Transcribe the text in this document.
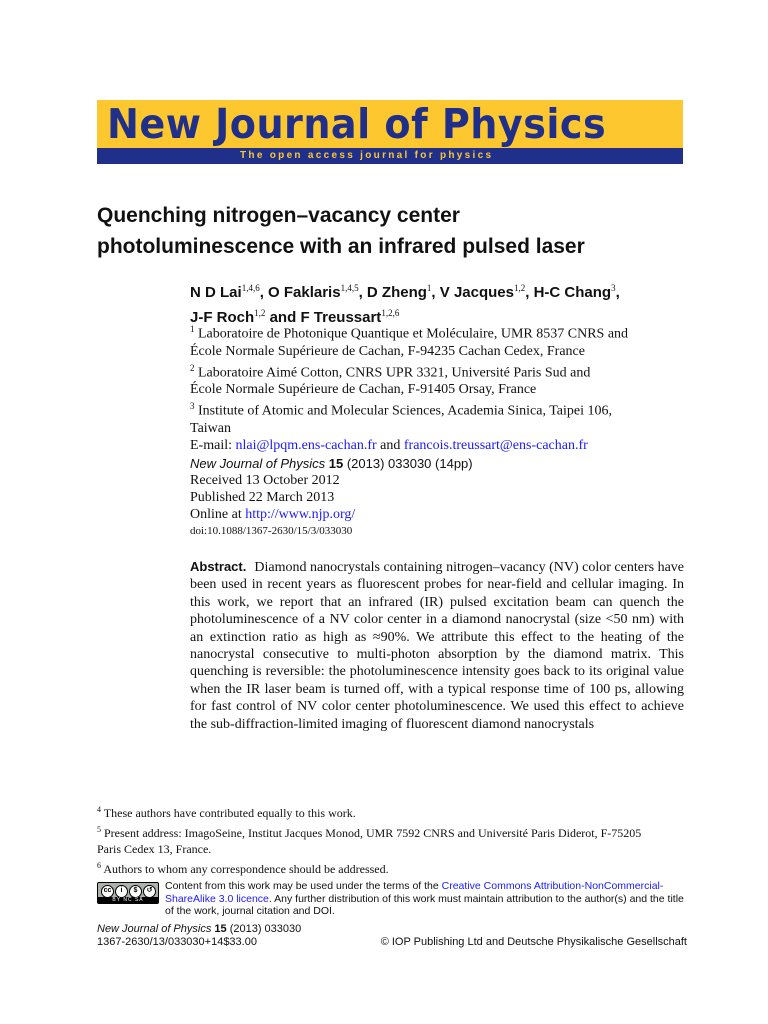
New Journal of Physics
The open access journal for physics
Quenching nitrogen–vacancy center
photoluminescence with an infrared pulsed laser
N D Lai$^{1,4,6}$, O Faklaris$^{1,4,5}$, D Zheng$^1$, V Jacques$^{1,2}$, H-C Chang$^3$,
J-F Roch$^{1,2}$ and F Treussart$^{1,2,6}$
$^1$ Laboratoire de Photonique Quantique et Moléculaire, UMR 8537 CNRS and
École Normale Supérieure de Cachan, F-94235 Cachan Cedex, France
$^2$ Laboratoire Aimé Cotton, CNRS UPR 3321, Université Paris Sud and
École Normale Supérieure de Cachan, F-91405 Orsay, France
$^3$ Institute of Atomic and Molecular Sciences, Academia Sinica, Taipei 106,
Taiwan
E-mail: nlai@lpqm.ens-cachan.fr and francois.treussart@ens-cachan.fr
New Journal of Physics 15 (2013) 033030 (14pp)
Received 13 October 2012
Published 22 March 2013
Online at http://www.njp.org/
doi:10.1088/1367-2630/15/3/033030
Abstract. Diamond nanocrystals containing nitrogen–vacancy (NV) color centers have been used in recent years as fluorescent probes for near-field and cellular imaging. In this work, we report that an infrared (IR) pulsed excitation beam can quench the photoluminescence of a NV color center in a diamond nanocrystal (size <50 nm) with an extinction ratio as high as ≈90%. We attribute this effect to the heating of the nanocrystal consecutive to multi-photon absorption by the diamond matrix. This quenching is reversible: the photoluminescence intensity goes back to its original value when the IR laser beam is turned off, with a typical response time of 100 ps, allowing for fast control of NV color center photoluminescence. We used this effect to achieve the sub-diffraction-limited imaging of fluorescent diamond nanocrystals
$^4$ These authors have contributed equally to this work.
$^5$ Present address: ImagoSeine, Institut Jacques Monod, UMR 7592 CNRS and Université Paris Diderot, F-75205
Paris Cedex 13, France.
$^6$ Authors to whom any correspondence should be addressed.
cc	i	$	↺
BY NC SA
Content from this work may be used under the terms of the Creative Commons Attribution-NonCommercial-ShareAlike 3.0 licence. Any further distribution of this work must maintain attribution to the author(s) and the title of the work, journal citation and DOI.
New Journal of Physics 15 (2013) 033030
1367-2630/13/033030+14$33.00	© IOP Publishing Ltd and Deutsche Physikalische Gesellschaft
